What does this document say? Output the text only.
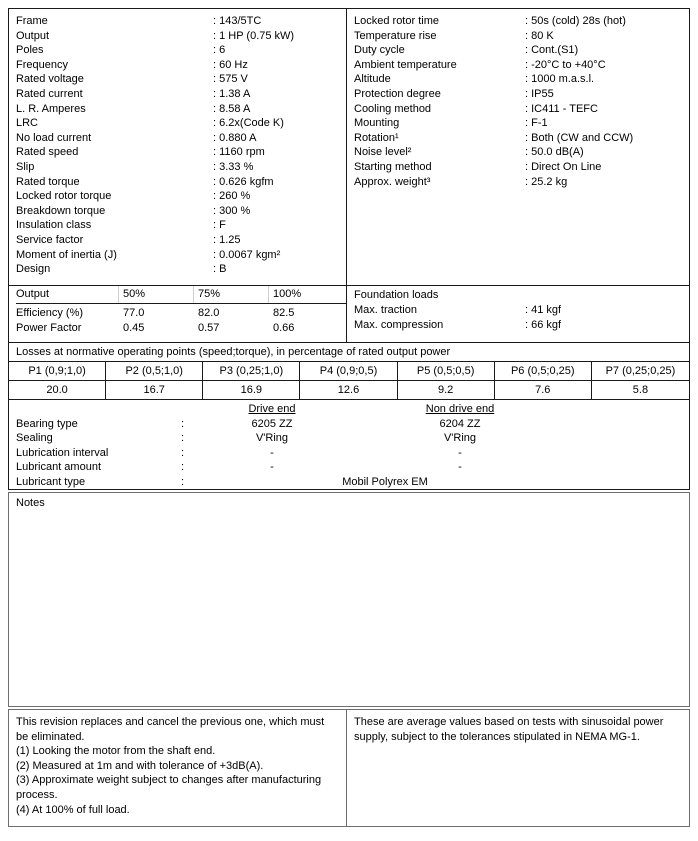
Frame	: 143/5TC
Output	: 1 HP (0.75 kW)
Poles	: 6
Frequency	: 60 Hz
Rated voltage	: 575 V
Rated current	: 1.38 A
L. R. Amperes	: 8.58 A
LRC	: 6.2x(Code K)
No load current	: 0.880 A
Rated speed	: 1160 rpm
Slip	: 3.33 %
Rated torque	: 0.626 kgfm
Locked rotor torque	: 260 %
Breakdown torque	: 300 %
Insulation class	: F
Service factor	: 1.25
Moment of inertia (J)	: 0.0067 kgm²
Design	: B
Locked rotor time	: 50s (cold) 28s (hot)
Temperature rise	: 80 K
Duty cycle	: Cont.(S1)
Ambient temperature	: -20°C to +40°C
Altitude	: 1000 m.a.s.l.
Protection degree	: IP55
Cooling method	: IC411 - TEFC
Mounting	: F-1
Rotation¹	: Both (CW and CCW)
Noise level²	: 50.0 dB(A)
Starting method	: Direct On Line
Approx. weight³	: 25.2 kg
Output	50%	75%	100%
Efficiency (%)	77.0	82.0	82.5
Power Factor	0.45	0.57	0.66
Foundation loads
Max. traction	: 41 kgf
Max. compression	: 66 kgf
Losses at normative operating points (speed;torque), in percentage of rated output power
P1 (0,9;1,0)	P2 (0,5;1,0)	P3 (0,25;1,0)	P4 (0,9;0,5)	P5 (0,5;0,5)	P6 (0,5;0,25)	P7 (0,25;0,25)
20.0	16.7	16.9	12.6	9.2	7.6	5.8
Drive end	Non drive end
Bearing type	:	6205 ZZ	6204 ZZ
Sealing	:	V'Ring	V'Ring
Lubrication interval	:	-	-
Lubricant amount	:	-	-
Lubricant type	:	Mobil Polyrex EM
Notes
This revision replaces and cancel the previous one, which must be eliminated.
(1) Looking the motor from the shaft end.
(2) Measured at 1m and with tolerance of +3dB(A).
(3) Approximate weight subject to changes after manufacturing process.
(4) At 100% of full load.
These are average values based on tests with sinusoidal power supply, subject to the tolerances stipulated in NEMA MG-1.
